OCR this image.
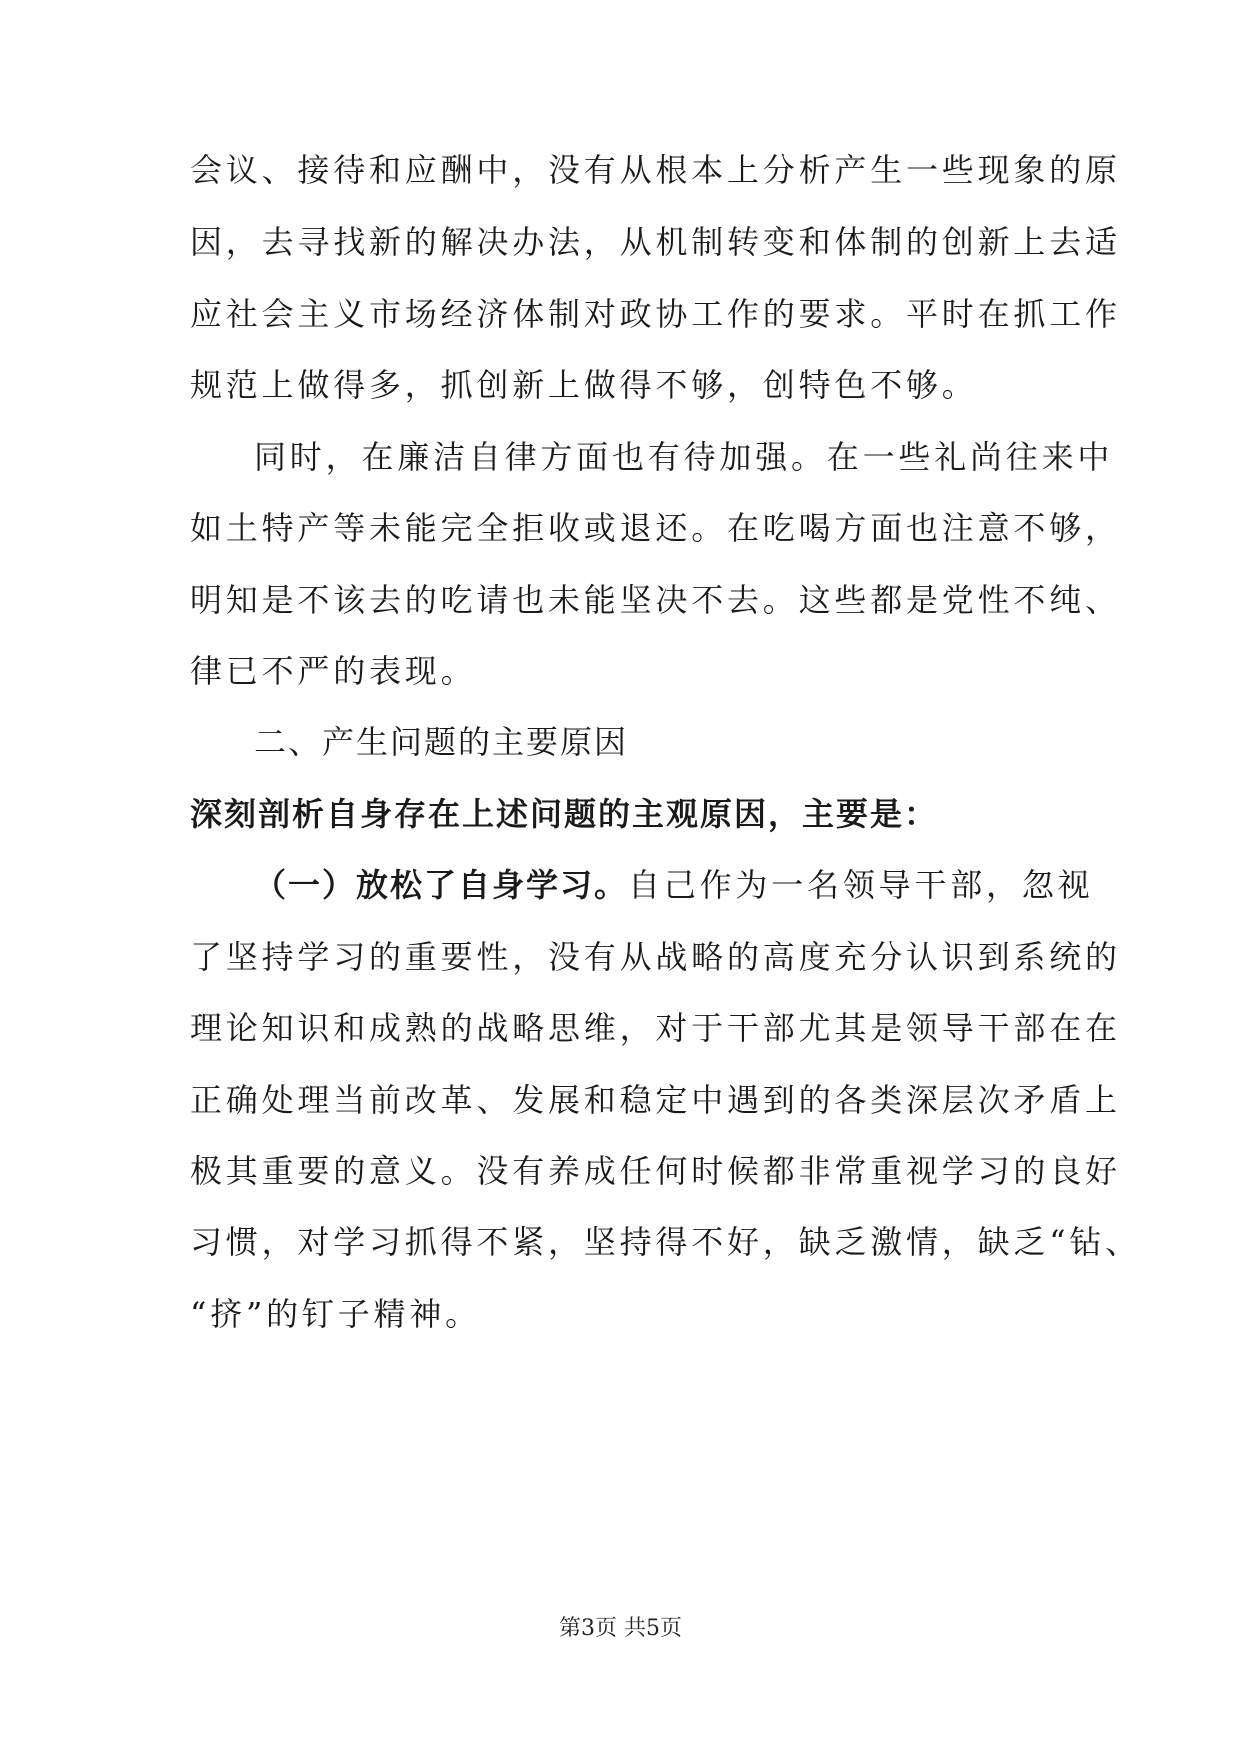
会议、接待和应酬中，没有从根本上分析产生一些现象的原
因，去寻找新的解决办法，从机制转变和体制的创新上去适
应社会主义市场经济体制对政协工作的要求。平时在抓工作
规范上做得多，抓创新上做得不够，创特色不够。
同时，在廉洁自律方面也有待加强。在一些礼尚往来中
如土特产等未能完全拒收或退还。在吃喝方面也注意不够，
明知是不该去的吃请也未能坚决不去。这些都是党性不纯、
律已不严的表现。
二、产生问题的主要原因
深刻剖析自身存在上述问题的主观原因，主要是：
（一）放松了自身学习。自己作为一名领导干部，忽视
了坚持学习的重要性，没有从战略的高度充分认识到系统的
理论知识和成熟的战略思维，对于干部尤其是领导干部在在
正确处理当前改革、发展和稳定中遇到的各类深层次矛盾上
极其重要的意义。没有养成任何时候都非常重视学习的良好
习惯，对学习抓得不紧，坚持得不好，缺乏激情，缺乏“钻、
“挤”的钉子精神。
第3页 共5页
